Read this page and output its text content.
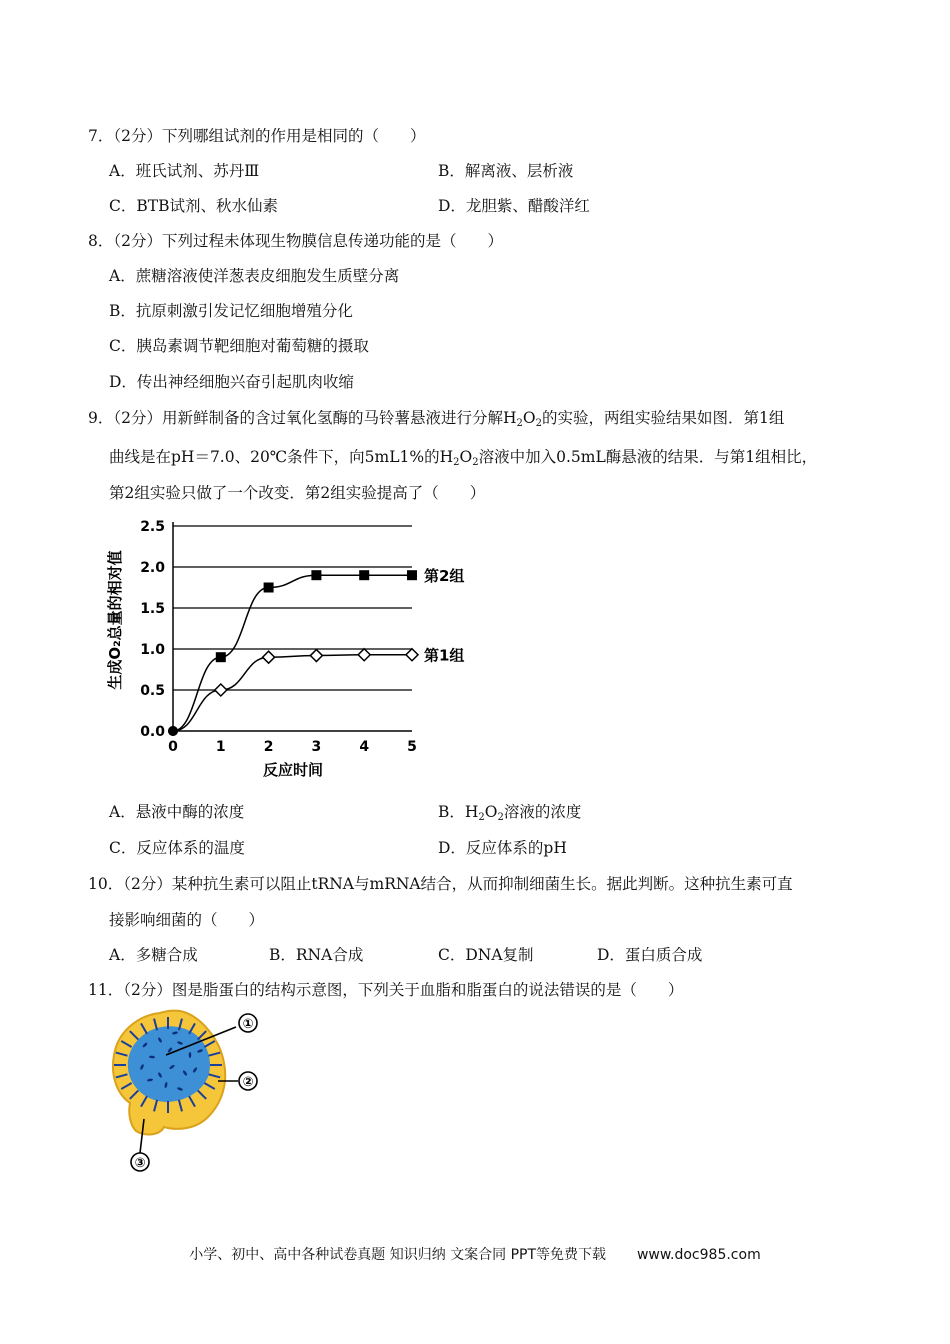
7．（2分）下列哪组试剂的作用是相同的（　　）
A．班氏试剂、苏丹Ⅲ	B．解离液、层析液
C．BTB试剂、秋水仙素	D．龙胆紫、醋酸洋红
8．（2分）下列过程未体现生物膜信息传递功能的是（　　）
A．蔗糖溶液使洋葱表皮细胞发生质壁分离
B．抗原刺激引发记忆细胞增殖分化
C．胰岛素调节靶细胞对葡萄糖的摄取
D．传出神经细胞兴奋引起肌肉收缩
9．（2分）用新鲜制备的含过氧化氢酶的马铃薯悬液进行分解$H_2O_2$的实验，两组实验结果如图．第1组
曲线是在pH＝7.0、20℃条件下，向5mL1%的$H_2O_2$溶液中加入0.5mL酶悬液的结果．与第1组相比，
第2组实验只做了一个改变．第2组实验提高了（　　）
0.0
0.5
1.0
1.5
2.0
2.5
0	1	2	3	4	5
第2组
第1组
反应时间
生成O₂总量的相对值
A．悬液中酶的浓度	B．$H_2O_2$溶液的浓度
C．反应体系的温度	D．反应体系的pH
10．（2分）某种抗生素可以阻止tRNA与mRNA结合，从而抑制细菌生长。据此判断。这种抗生素可直
接影响细菌的（　　）
A．多糖合成	B．RNA合成	C．DNA复制	D．蛋白质合成
11．（2分）图是脂蛋白的结构示意图，下列关于血脂和脂蛋白的说法错误的是（　　）
①
②
③
小学、初中、高中各种试卷真题 知识归纳 文案合同 PPT等免费下载 www.doc985.com
